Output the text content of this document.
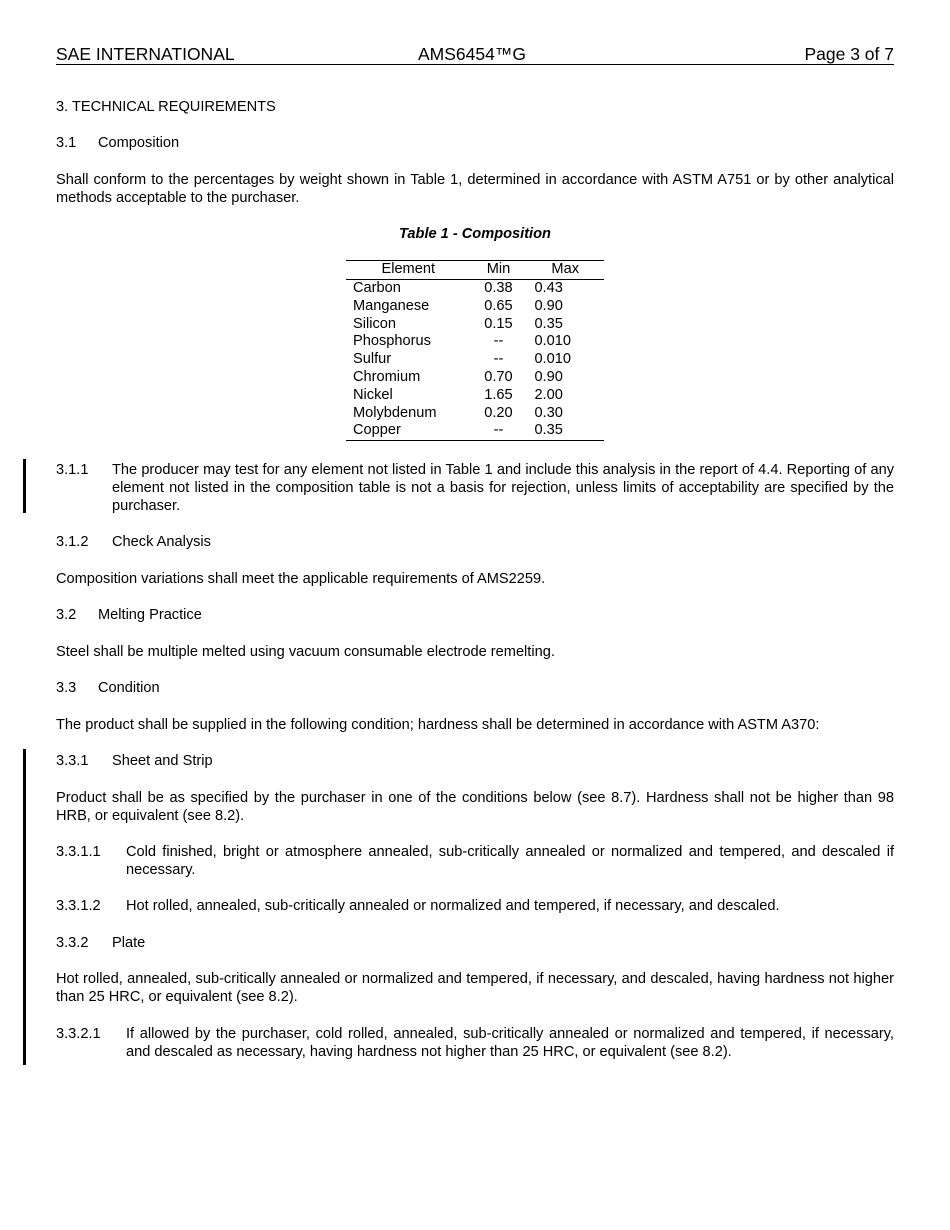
SAE INTERNATIONAL	AMS6454™G	Page 3 of 7
3. TECHNICAL REQUIREMENTS
3.1 Composition
Shall conform to the percentages by weight shown in Table 1, determined in accordance with ASTM A751 or by other analytical methods acceptable to the purchaser.
Table 1 - Composition
Element	Min	Max
Carbon	0.38	0.43
Manganese	0.65	0.90
Silicon	0.15	0.35
Phosphorus	--	0.010
Sulfur	--	0.010
Chromium	0.70	0.90
Nickel	1.65	2.00
Molybdenum	0.20	0.30
Copper	--	0.35
3.1.1 The producer may test for any element not listed in Table 1 and include this analysis in the report of 4.4. Reporting of any element not listed in the composition table is not a basis for rejection, unless limits of acceptability are specified by the purchaser.
3.1.2 Check Analysis
Composition variations shall meet the applicable requirements of AMS2259.
3.2 Melting Practice
Steel shall be multiple melted using vacuum consumable electrode remelting.
3.3 Condition
The product shall be supplied in the following condition; hardness shall be determined in accordance with ASTM A370:
3.3.1 Sheet and Strip
Product shall be as specified by the purchaser in one of the conditions below (see 8.7). Hardness shall not be higher than 98 HRB, or equivalent (see 8.2).
3.3.1.1 Cold finished, bright or atmosphere annealed, sub-critically annealed or normalized and tempered, and descaled if necessary.
3.3.1.2 Hot rolled, annealed, sub-critically annealed or normalized and tempered, if necessary, and descaled.
3.3.2 Plate
Hot rolled, annealed, sub-critically annealed or normalized and tempered, if necessary, and descaled, having hardness not higher than 25 HRC, or equivalent (see 8.2).
3.3.2.1 If allowed by the purchaser, cold rolled, annealed, sub-critically annealed or normalized and tempered, if necessary, and descaled as necessary, having hardness not higher than 25 HRC, or equivalent (see 8.2).
